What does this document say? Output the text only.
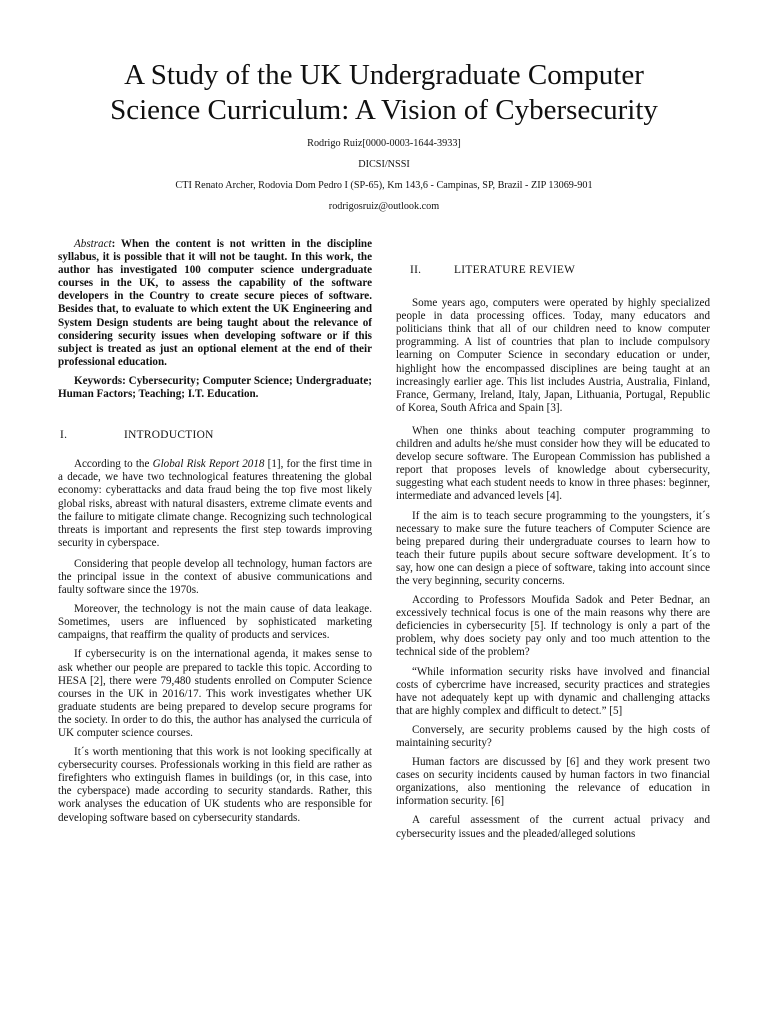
A Study of the UK Undergraduate Computer
Science Curriculum: A Vision of Cybersecurity
Rodrigo Ruiz[0000-0003-1644-3933]
DICSI/NSSI
CTI Renato Archer, Rodovia Dom Pedro I (SP-65), Km 143,6 - Campinas, SP, Brazil - ZIP 13069-901
rodrigosruiz@outlook.com

Abstract: When the content is not written in the discipline syllabus, it is possible that it will not be taught. In this work, the author has investigated 100 computer science undergraduate courses in the UK, to assess the capability of the software developers in the Country to create secure pieces of software. Besides that, to evaluate to which extent the UK Engineering and System Design students are being taught about the relevance of considering security issues when developing software or if this subject is treated as just an optional element at the end of their professional education.

Keywords: Cybersecurity; Computer Science; Undergraduate; Human Factors; Teaching; I.T. Education.

I.	INTRODUCTION

According to the Global Risk Report 2018 [1], for the first time in a decade, we have two technological features threatening the global economy: cyberattacks and data fraud being the top five most likely global risks, abreast with natural disasters, extreme climate events and the failure to mitigate climate change. Recognizing such technological threats is important and represents the first step towards improving security in cyberspace.

Considering that people develop all technology, human factors are the principal issue in the context of abusive communications and faulty software since the 1970s.

Moreover, the technology is not the main cause of data leakage. Sometimes, users are influenced by sophisticated marketing campaigns, that reaffirm the quality of products and services.

If cybersecurity is on the international agenda, it makes sense to ask whether our people are prepared to tackle this topic. According to HESA [2], there were 79,480 students enrolled on Computer Science courses in the UK in 2016/17. This work investigates whether UK graduate students are being prepared to develop secure programs for the society. In order to do this, the author has analysed the curricula of UK computer science courses.

It´s worth mentioning that this work is not looking specifically at cybersecurity courses. Professionals working in this field are rather as firefighters who extinguish flames in buildings (or, in this case, into the cyberspace) made according to security standards. Rather, this work analyses the education of UK students who are responsible for developing software based on cybersecurity standards.

II.	LITERATURE REVIEW

Some years ago, computers were operated by highly specialized people in data processing offices. Today, many educators and politicians think that all of our children need to know computer programming. A list of countries that plan to include compulsory learning on Computer Science in secondary education or under, highlight how the encompassed disciplines are being taught at an increasingly earlier age. This list includes Austria, Australia, Finland, France, Germany, Ireland, Italy, Japan, Lithuania, Portugal, Republic of Korea, South Africa and Spain [3].

When one thinks about teaching computer programming to children and adults he/she must consider how they will be educated to develop secure software. The European Commission has published a report that proposes levels of knowledge about cybersecurity, suggesting what each student needs to know in three phases: beginner, intermediate and advanced levels [4].

If the aim is to teach secure programming to the youngsters, it´s necessary to make sure the future teachers of Computer Science are being prepared during their undergraduate courses to learn how to teach their future pupils about secure software development. It´s to say, how one can design a piece of software, taking into account since the very beginning, security concerns.

According to Professors Moufida Sadok and Peter Bednar, an excessively technical focus is one of the main reasons why there are deficiencies in cybersecurity [5]. If technology is only a part of the problem, why does society pay only and too much attention to the technical side of the problem?

“While information security risks have involved and financial costs of cybercrime have increased, security practices and strategies have not adequately kept up with dynamic and challenging attacks that are highly complex and difficult to detect.” [5]

Conversely, are security problems caused by the high costs of maintaining security?

Human factors are discussed by [6] and they work present two cases on security incidents caused by human factors in two financial organizations, also mentioning the relevance of education in information security. [6]

A careful assessment of the current actual privacy and cybersecurity issues and the pleaded/alleged solutions
